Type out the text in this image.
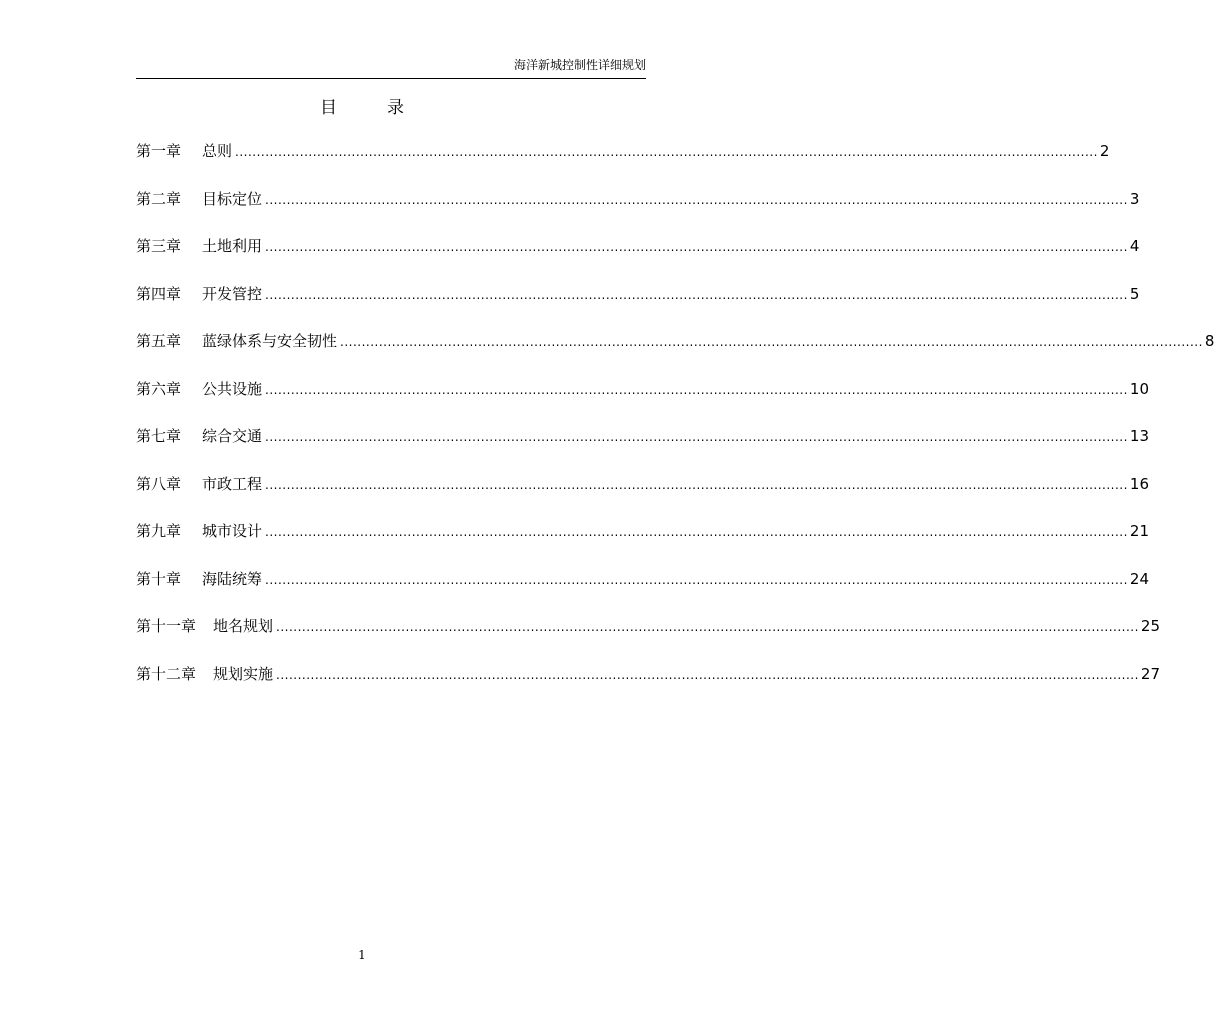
海洋新城控制性详细规划
目	录
第一章 总则 ........................................................................................................................................................................................................ 2
第二章 目标定位 ........................................................................................................................................................................................................ 3
第三章 土地利用 ........................................................................................................................................................................................................ 4
第四章 开发管控 ........................................................................................................................................................................................................ 5
第五章 蓝绿体系与安全韧性 ........................................................................................................................................................................................................ 8
第六章 公共设施 ........................................................................................................................................................................................................ 10
第七章 综合交通 ........................................................................................................................................................................................................ 13
第八章 市政工程 ........................................................................................................................................................................................................ 16
第九章 城市设计 ........................................................................................................................................................................................................ 21
第十章 海陆统筹 ........................................................................................................................................................................................................ 24
第十一章 地名规划 ........................................................................................................................................................................................................ 25
第十二章 规划实施 ........................................................................................................................................................................................................ 27
1
